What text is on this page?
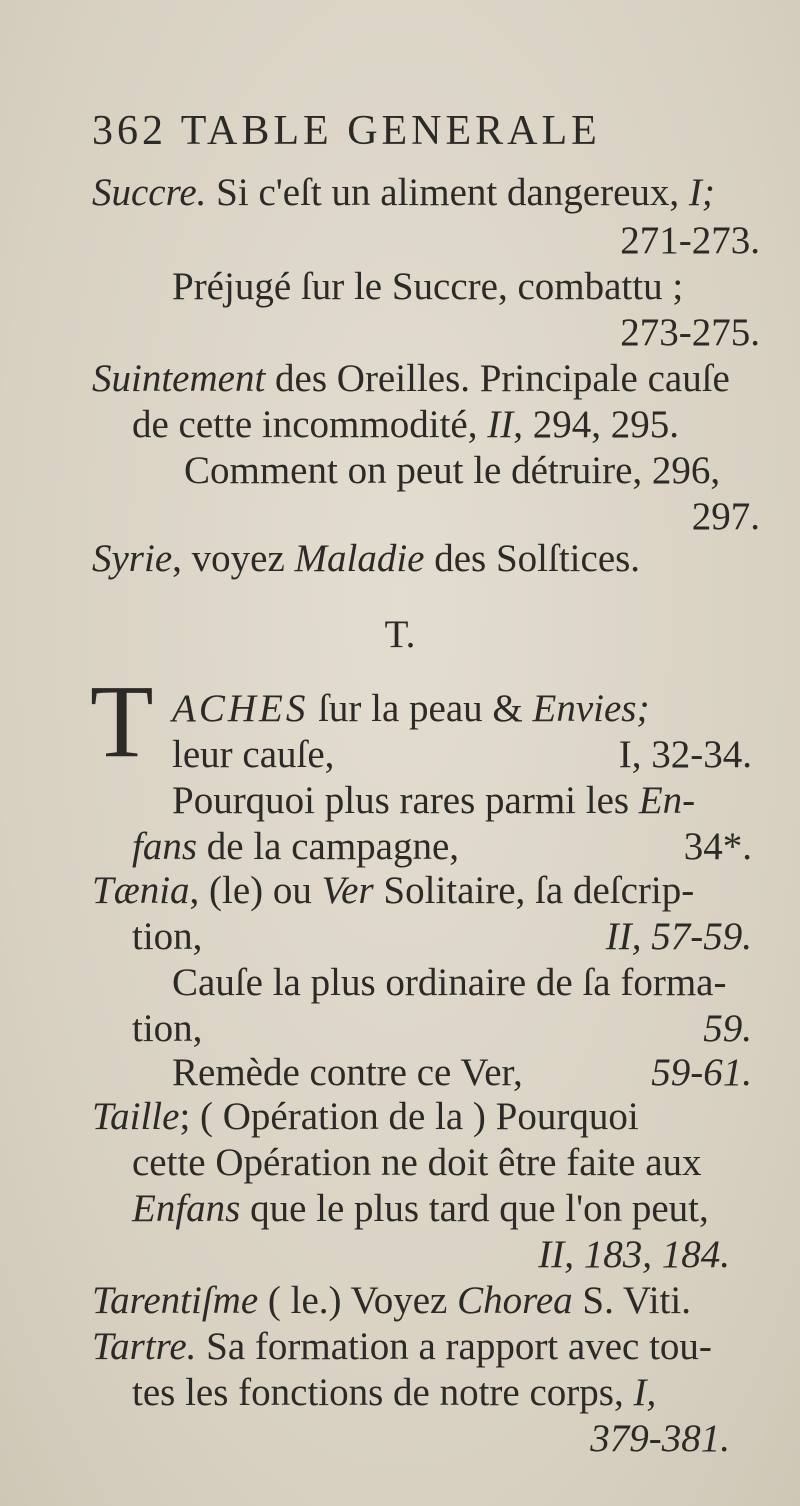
362 TABLE GENERALE
Succre. Si c'eſt un aliment dangereux, I;
271-273.
Préjugé ſur le Succre, combattu ;
273-275.
Suintement des Oreilles. Principale cauſe
de cette incommodité, II, 294, 295.
Comment on peut le détruire, 296,
297.
Syrie, voyez Maladie des Solſtices.
T.
T ACHES ſur la peau & Envies;
leur cauſe,	I, 32-34.
Pourquoi plus rares parmi les En-
fans de la campagne,	34*.
Tænia, (le) ou Ver Solitaire, ſa deſcrip-
tion,	II, 57-59.
Cauſe la plus ordinaire de ſa forma-
tion,	59.
Remède contre ce Ver,	59-61.
Taille; ( Opération de la ) Pourquoi
cette Opération ne doit être faite aux
Enfans que le plus tard que l'on peut,
II, 183, 184.
Tarentiſme ( le.) Voyez Chorea S. Viti.
Tartre. Sa formation a rapport avec tou-
tes les fonctions de notre corps, I,
379-381.
